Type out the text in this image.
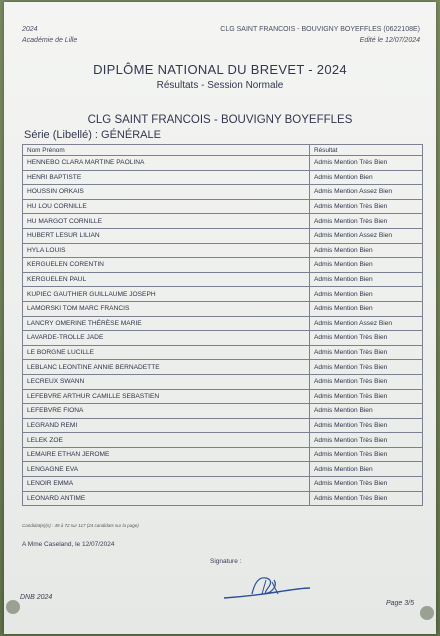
2024
Académie de Lille
CLG SAINT FRANCOIS - BOUVIGNY BOYEFFLES (0622108E)
Edité le 12/07/2024
DIPLÔME NATIONAL DU BREVET - 2024
Résultats - Session Normale
CLG SAINT FRANCOIS - BOUVIGNY BOYEFFLES
Série (Libellé) : GÉNÉRALE
Nom Prénom	Résultat
HENNEBO CLARA MARTINE PAOLINA	Admis Mention Très Bien
HENRI BAPTISTE	Admis Mention Bien
HOUSSIN ORKAIS	Admis Mention Assez Bien
HU LOU CORNILLE	Admis Mention Très Bien
HU MARGOT CORNILLE	Admis Mention Très Bien
HUBERT LESUR LILIAN	Admis Mention Assez Bien
HYLA LOUIS	Admis Mention Bien
KERGUELEN CORENTIN	Admis Mention Bien
KERGUELEN PAUL	Admis Mention Bien
KUPIEC GAUTHIER GUILLAUME JOSEPH	Admis Mention Bien
LAMORSKI TOM MARC FRANCIS	Admis Mention Bien
LANCRY OMERINE THÉRÈSE MARIE	Admis Mention Assez Bien
LAVARDE-TROLLE JADE	Admis Mention Très Bien
LE BORGNE LUCILLE	Admis Mention Très Bien
LEBLANC LEONTINE ANNIE BERNADETTE	Admis Mention Très Bien
LECREUX SWANN	Admis Mention Très Bien
LEFEBVRE ARTHUR CAMILLE SEBASTIEN	Admis Mention Très Bien
LEFEBVRE FIONA	Admis Mention Bien
LEGRAND REMI	Admis Mention Très Bien
LELEK ZOE	Admis Mention Très Bien
LEMAIRE ETHAN JEROME	Admis Mention Très Bien
LENGAGNE EVA	Admis Mention Bien
LENOIR EMMA	Admis Mention Très Bien
LEONARD ANTIME	Admis Mention Très Bien
Candidat(e)(s) : 49 à 72 sur 117 (24 candidats sur la page)
A Mme Caseland, le 12/07/2024
Signature :
DNB 2024
Page 3/5
